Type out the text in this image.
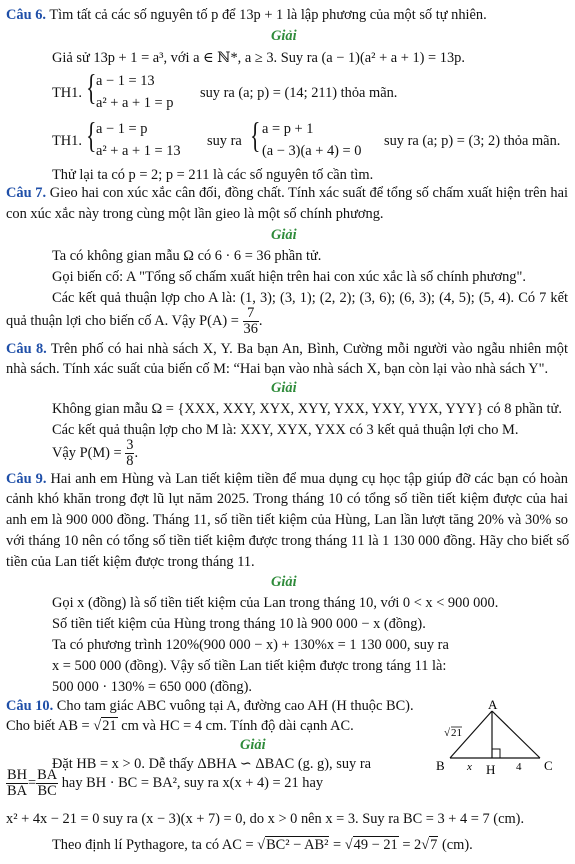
Câu 6. Tìm tất cả các số nguyên tố p để 13p + 1 là lập phương của một số tự nhiên.
Giải
Giả sử 13p + 1 = a³, với a ∈ ℕ*, a ≥ 3. Suy ra (a − 1)(a² + a + 1) = 13p.
TH1. { a − 1 = 13
a² + a + 1 = p
suy ra (a; p) = (14; 211) thỏa mãn.
TH1. { a − 1 = p
a² + a + 1 = 13
suy ra { a = p + 1
(a − 3)(a + 4) = 0
suy ra (a; p) = (3; 2) thỏa mãn.
Thử lại ta có p = 2; p = 211 là các số nguyên tố cần tìm.
Câu 7. Gieo hai con xúc xắc cân đối, đồng chất. Tính xác suất để tổng số chấm xuất hiện trên hai
con xúc xắc này trong cùng một lần gieo là một số chính phương.
Giải
Ta có không gian mẫu Ω có 6 · 6 = 36 phần tử.
Gọi biến cố: A "Tổng số chấm xuất hiện trên hai con xúc xắc là số chính phương".
Các kết quả thuận lợp cho A là: (1, 3); (3, 1); (2, 2); (3, 6); (6, 3); (4, 5); (5, 4). Có 7 kết
quả thuận lợi cho biến cố A. Vậy $P(A) = \frac{7}{36}$ .
Câu 8. Trên phố có hai nhà sách X, Y. Ba bạn An, Bình, Cường mỗi người vào ngẫu nhiên một
nhà sách. Tính xác suất của biến cố M: “Hai bạn vào nhà sách X, bạn còn lại vào nhà sách Y".
Giải
Không gian mẫu Ω = {XXX, XXY, XYX, XYY, YXX, YXY, YYX, YYY} có 8 phần tử.
Các kết quả thuận lợp cho M là: XXY, XYX, YXX có 3 kết quả thuận lợi cho M.
Vậy $P(M) = \frac{3}{8}$ .
Câu 9. Hai anh em Hùng và Lan tiết kiệm tiền để mua dụng cụ học tập giúp đỡ các bạn có hoàn
cảnh khó khăn trong đợt lũ lụt năm 2025. Trong tháng 10 có tổng số tiền tiết kiệm được của hai
anh em là 900 000 đồng. Tháng 11, số tiền tiết kiệm của Hùng, Lan lần lượt tăng 20% và 30% so
với tháng 10 nên có tổng số tiền tiết kiệm được trong tháng 11 là 1 130 000 đồng. Hãy cho biết số
tiền của Lan tiết kiệm được trong tháng 11.
Giải
Gọi x (đồng) là số tiền tiết kiệm của Lan trong tháng 10, với 0 < x < 900 000.
Số tiền tiết kiệm của Hùng trong tháng 10 là 900 000 − x (đồng).
Ta có phương trình 120%(900 000 − x) + 130%x = 1 130 000, suy ra
x = 500 000 (đồng). Vậy số tiền Lan tiết kiệm được trong táng 11 là:
500 000 · 130% = 650 000 (đồng).
Câu 10. Cho tam giác ABC vuông tại A, đường cao AH (H thuộc BC).
Cho biết AB = √21 cm và HC = 4 cm. Tính độ dài cạnh AC.
Giải
Đặt HB = x > 0. Dễ thấy ΔBHA ∽ ΔBAC (g. g), suy ra
$\frac{BH}{BA} = \frac{BA}{BC}$ hay BH · BC = BA², suy ra x(x + 4) = 21 hay
x² + 4x − 21 = 0 suy ra (x − 3)(x + 7) = 0, do x > 0 nên x = 3. Suy ra BC = 3 + 4 = 7 (cm).
Theo định lí Pythagore, ta có AC = √BC² − AB² = √49 − 21 = 2√7 (cm).
A
B	C
H
√ 21
x	4
